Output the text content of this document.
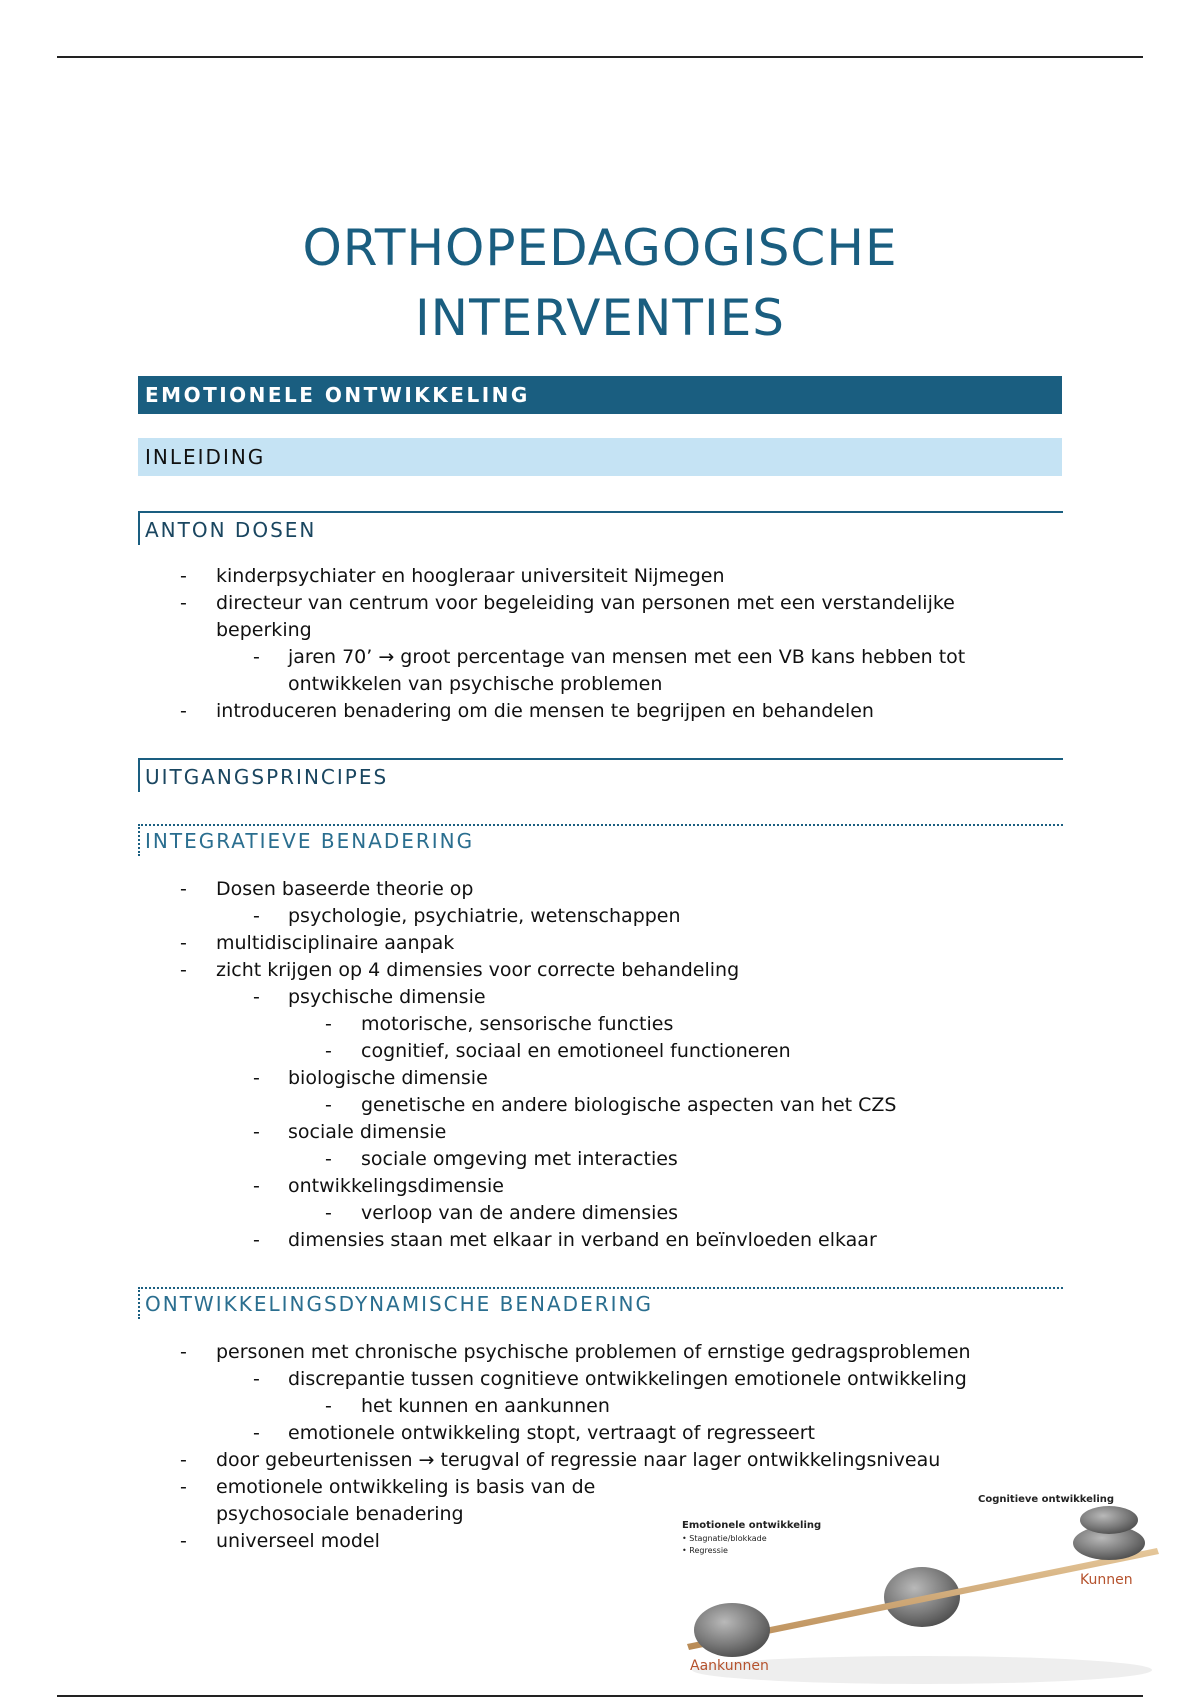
ORTHOPEDAGOGISCHE
INTERVENTIES
EMOTIONELE ONTWIKKELING
INLEIDING
ANTON DOSEN
- kinderpsychiater en hoogleraar universiteit Nijmegen
- directeur van centrum voor begeleiding van personen met een verstandelijke
beperking
- jaren 70’ → groot percentage van mensen met een VB kans hebben tot
ontwikkelen van psychische problemen
- introduceren benadering om die mensen te begrijpen en behandelen
UITGANGSPRINCIPES
INTEGRATIEVE BENADERING
- Dosen baseerde theorie op
- psychologie, psychiatrie, wetenschappen
- multidisciplinaire aanpak
- zicht krijgen op 4 dimensies voor correcte behandeling
- psychische dimensie
- motorische, sensorische functies
- cognitief, sociaal en emotioneel functioneren
- biologische dimensie
- genetische en andere biologische aspecten van het CZS
- sociale dimensie
- sociale omgeving met interacties
- ontwikkelingsdimensie
- verloop van de andere dimensies
- dimensies staan met elkaar in verband en beïnvloeden elkaar
ONTWIKKELINGSDYNAMISCHE BENADERING
- personen met chronische psychische problemen of ernstige gedragsproblemen
- discrepantie tussen cognitieve ontwikkelingen emotionele ontwikkeling
- het kunnen en aankunnen
- emotionele ontwikkeling stopt, vertraagt of regresseert
- door gebeurtenissen → terugval of regressie naar lager ontwikkelingsniveau
- emotionele ontwikkeling is basis van de
psychosociale benadering
- universeel model
Cognitieve ontwikkeling
Emotionele ontwikkeling
• Stagnatie/blokkade
• Regressie
Kunnen
Aankunnen
